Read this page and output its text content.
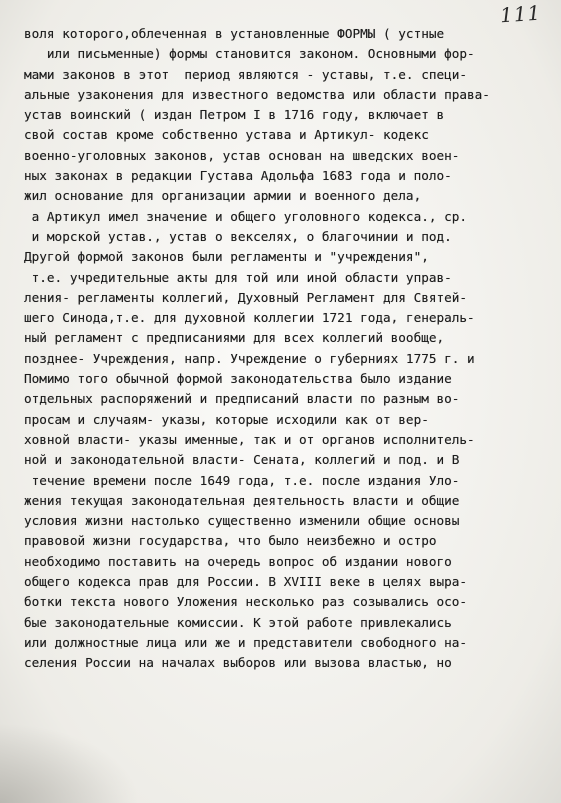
111
воля которого,облеченная в установленные ФОРМЫ ( устные
или письменные) формы становится законом. Основными фор-
мами законов в этот  период являются - уставы, т.е. специ-
альные узаконения для известного ведомства или области права-
устав воинский ( издан Петром I в 1716 году, включает в
свой состав кроме собственно устава и Артикул- кодекс
военно-уголовных законов, устав основан на шведских воен-
ных законах в редакции Густава Адольфа 1683 года и поло-
жил основание для организации армии и военного дела,
а Артикул имел значение и общего уголовного кодекса., ср.
и морской устав., устав о векселях, о благочинии и под.
Другой формой законов были регламенты и "учреждения",
т.е. учредительные акты для той или иной области управ-
ления- регламенты коллегий, Духовный Регламент для Святей-
шего Синода,т.е. для духовной коллегии 1721 года, генераль-
ный регламент с предписаниями для всех коллегий вообще,
позднее- Учреждения, напр. Учреждение о губерниях 1775 г. и
Помимо того обычной формой законодательства было издание
отдельных распоряжений и предписаний власти по разным во-
просам и случаям- указы, которые исходили как от вер-
ховной власти- указы именные, так и от органов исполнитель-
ной и законодательной власти- Сената, коллегий и под. и В
течение времени после 1649 года, т.е. после издания Уло-
жения текущая законодательная деятельность власти и общие
условия жизни настолько существенно изменили общие основы
правовой жизни государства, что было неизбежно и остро
необходимо поставить на очередь вопрос об издании нового
общего кодекса прав для России. В XVIII веке в целях выра-
ботки текста нового Уложения несколько раз созывались осо-
бые законодательные комиссии. К этой работе привлекались
или должностные лица или же и представители свободного на-
селения России на началах выборов или вызова властью, но
